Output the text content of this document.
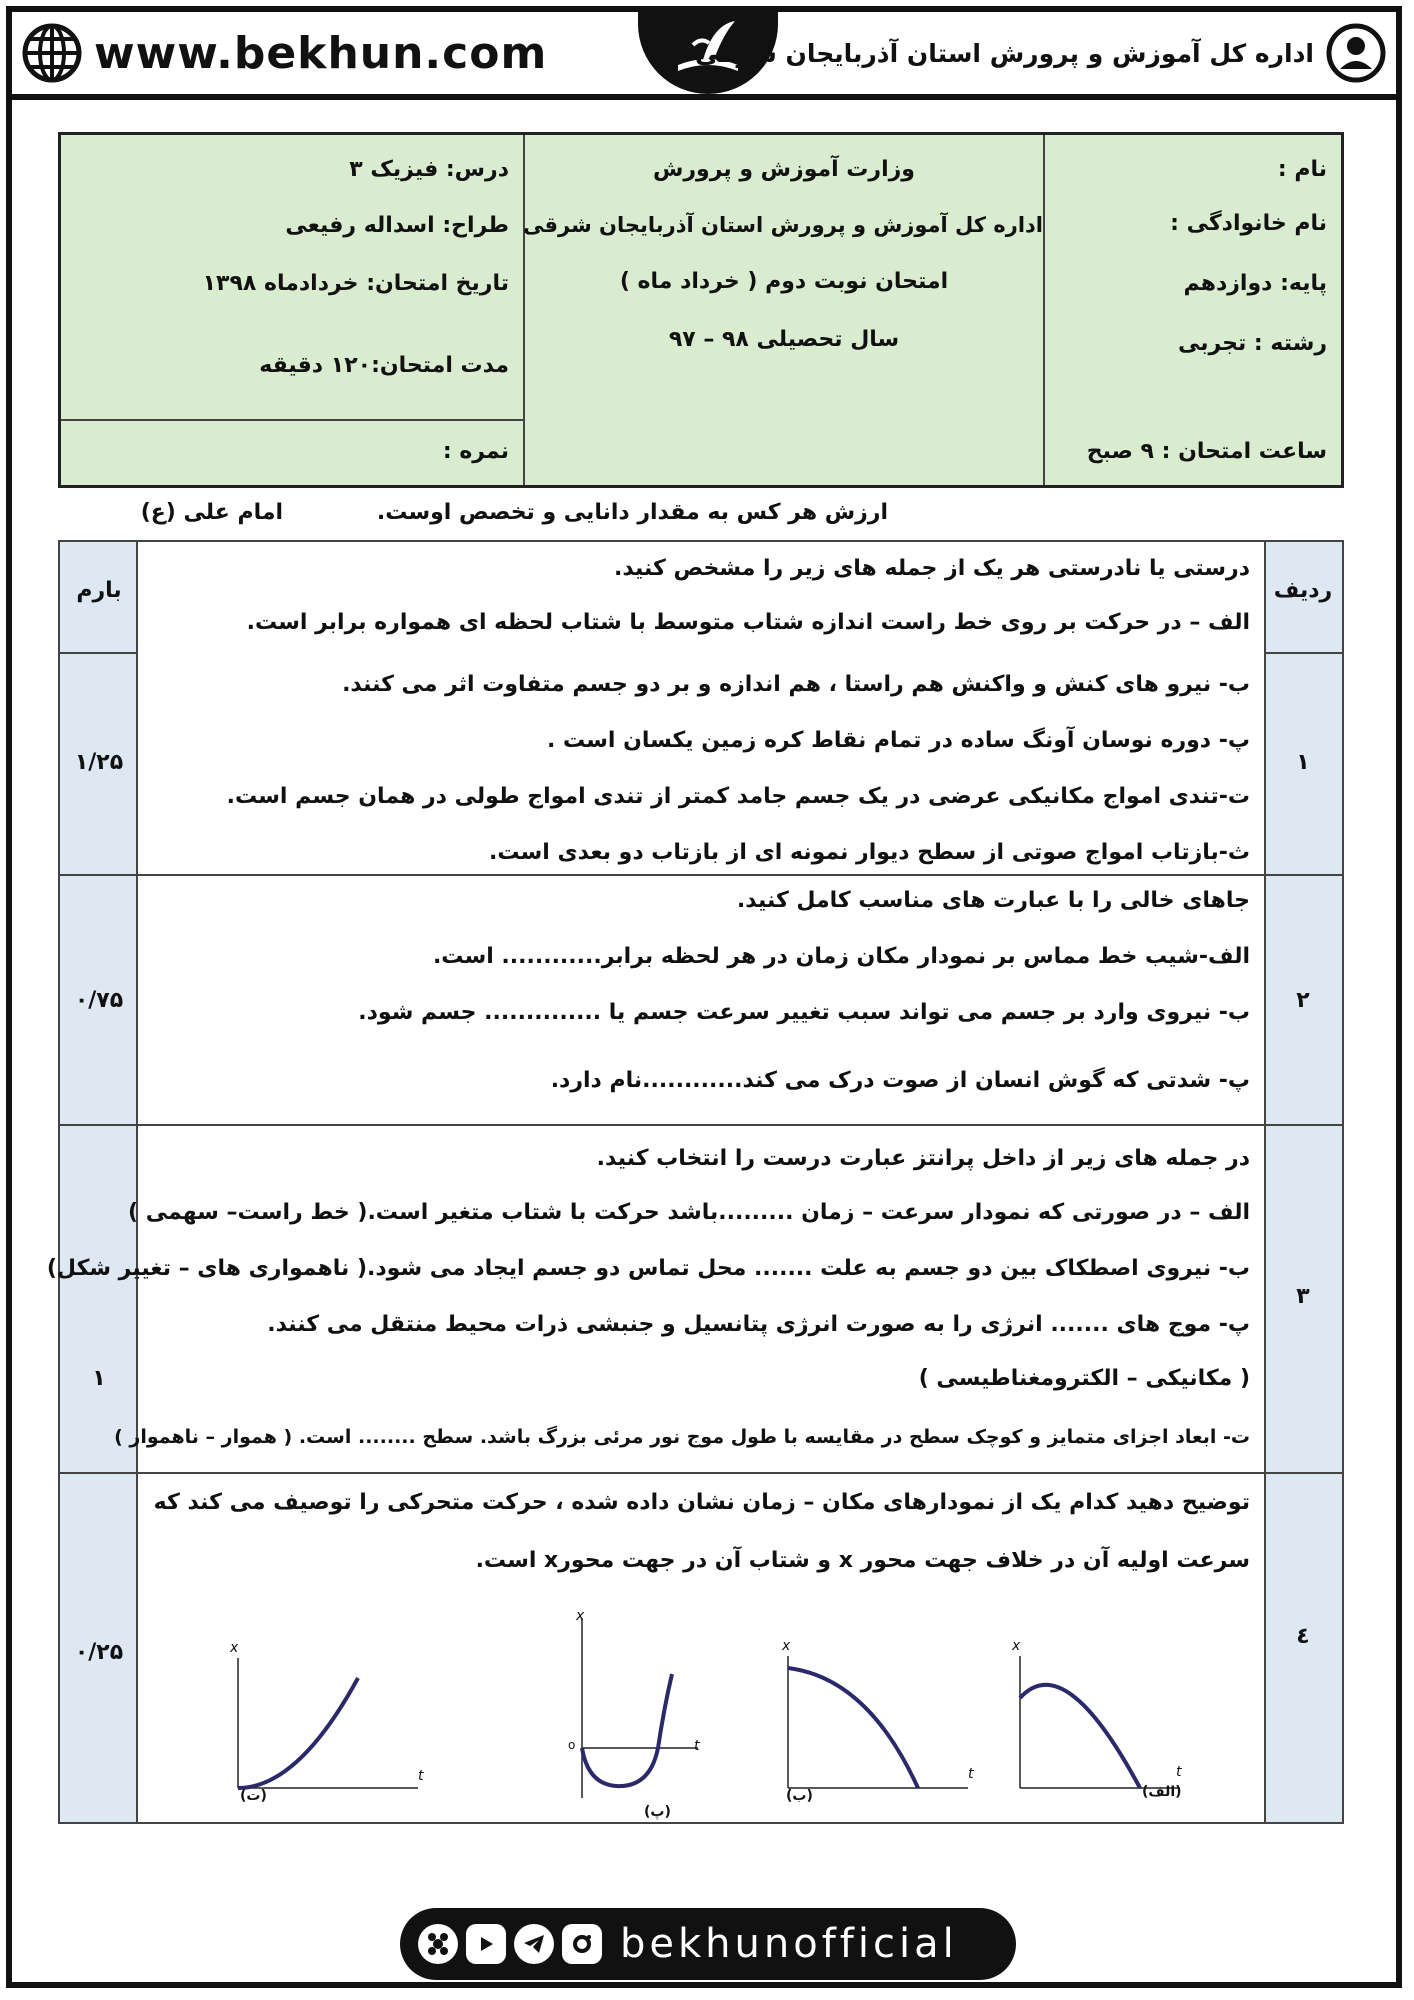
www.bekhun.com	اداره کل آموزش و پرورش استان آذربایجان شرقی
نام :
نام خانوادگی :
پایه: دوازدهم
رشته : تجربی
ساعت امتحان : ۹ صبح
وزارت آموزش و پرورش
اداره کل آموزش و پرورش استان آذربایجان شرقی
امتحان نوبت دوم ( خرداد ماه )
سال تحصیلی ۹۸ – ۹۷
درس: فیزیک ۳
طراح: اسداله رفیعی
تاریخ امتحان: خردادماه ۱۳۹۸
مدت امتحان:۱۲۰ دقیقه
نمره :
ارزش هر کس به مقدار دانایی و تخصص اوست.
امام علی (ع)
ردیف
بارم
۱
۱/۲۵
درستی یا نادرستی هر یک از جمله های زیر را مشخص کنید.
الف – در حرکت بر روی خط راست اندازه شتاب متوسط با شتاب لحظه ای همواره برابر است.
ب- نیرو های کنش و واکنش هم راستا ، هم اندازه و بر دو جسم متفاوت اثر می کنند.
پ- دوره نوسان آونگ ساده در تمام نقاط کره زمین یکسان است .
ت-تندی امواج مکانیکی عرضی در یک جسم جامد کمتر از تندی امواج طولی در همان جسم است.
ث-بازتاب امواج صوتی از سطح دیوار نمونه ای از بازتاب دو بعدی است.
۲
۰/۷۵
جاهای خالی را با عبارت های مناسب کامل کنید.
الف-شیب خط مماس بر نمودار مکان زمان در هر لحظه برابر............ است.
ب- نیروی وارد بر جسم می تواند سبب تغییر سرعت جسم یا .............. جسم شود.
پ- شدتی که گوش انسان از صوت درک می کند............نام دارد.
۳
۱
در جمله های زیر از داخل پرانتز عبارت درست را انتخاب کنید.
الف – در صورتی که نمودار سرعت – زمان .........باشد حرکت با شتاب متغیر است.( خط راست– سهمی )
ب- نیروی اصطکاک بین دو جسم به علت ....... محل تماس دو جسم ایجاد می شود.( ناهمواری های – تغییر شکل)
پ- موج های ....... انرژی را به صورت انرژی پتانسیل و جنبشی ذرات محیط منتقل می کنند.
( مکانیکی – الکترومغناطیسی )
ت- ابعاد اجزای متمایز و کوچک سطح در مقایسه با طول موج نور مرئی بزرگ باشد. سطح ........ است. ( هموار – ناهموار )
٤
۰/۲۵
توضیح دهید کدام یک از نمودارهای مکان – زمان نشان داده شده ، حرکت متحرکی را توصیف می کند که
سرعت اولیه آن در خلاف جهت محور x و شتاب آن در جهت محورx است.
(الف)
t
x
(ب)
t
x
(پ)
t
x
o
(ت)
t
x
bekhunofficial
